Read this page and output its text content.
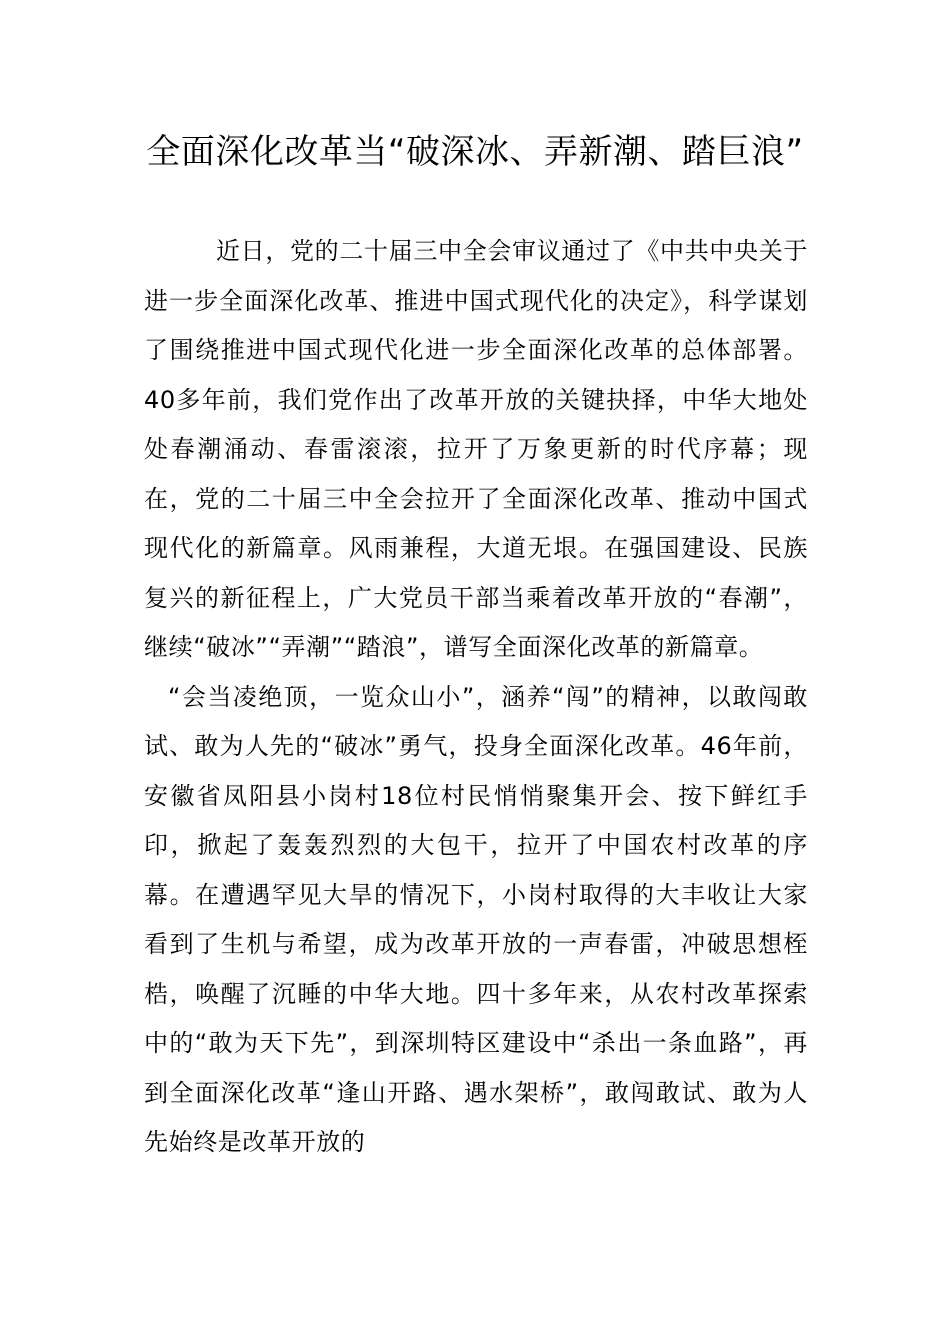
全面深化改革当“破深冰、弄新潮、踏巨浪”

近日，党的二十届三中全会审议通过了《中共中央关于进一步全面深化改革、推进中国式现代化的决定》，科学谋划了围绕推进中国式现代化进一步全面深化改革的总体部署。40多年前，我们党作出了改革开放的关键抉择，中华大地处处春潮涌动、春雷滚滚，拉开了万象更新的时代序幕；现在，党的二十届三中全会拉开了全面深化改革、推动中国式现代化的新篇章。风雨兼程，大道无垠。在强国建设、民族复兴的新征程上，广大党员干部当乘着改革开放的“春潮”，继续“破冰”“弄潮”“踏浪”，谱写全面深化改革的新篇章。

“会当凌绝顶，一览众山小”，涵养“闯”的精神，以敢闯敢试、敢为人先的“破冰”勇气，投身全面深化改革。46年前，安徽省凤阳县小岗村18位村民悄悄聚集开会、按下鲜红手印，掀起了轰轰烈烈的大包干，拉开了中国农村改革的序幕。在遭遇罕见大旱的情况下，小岗村取得的大丰收让大家看到了生机与希望，成为改革开放的一声春雷，冲破思想桎梏，唤醒了沉睡的中华大地。四十多年来，从农村改革探索中的“敢为天下先”，到深圳特区建设中“杀出一条血路”，再到全面深化改革“逢山开路、遇水架桥”，敢闯敢试、敢为人先始终是改革开放的
